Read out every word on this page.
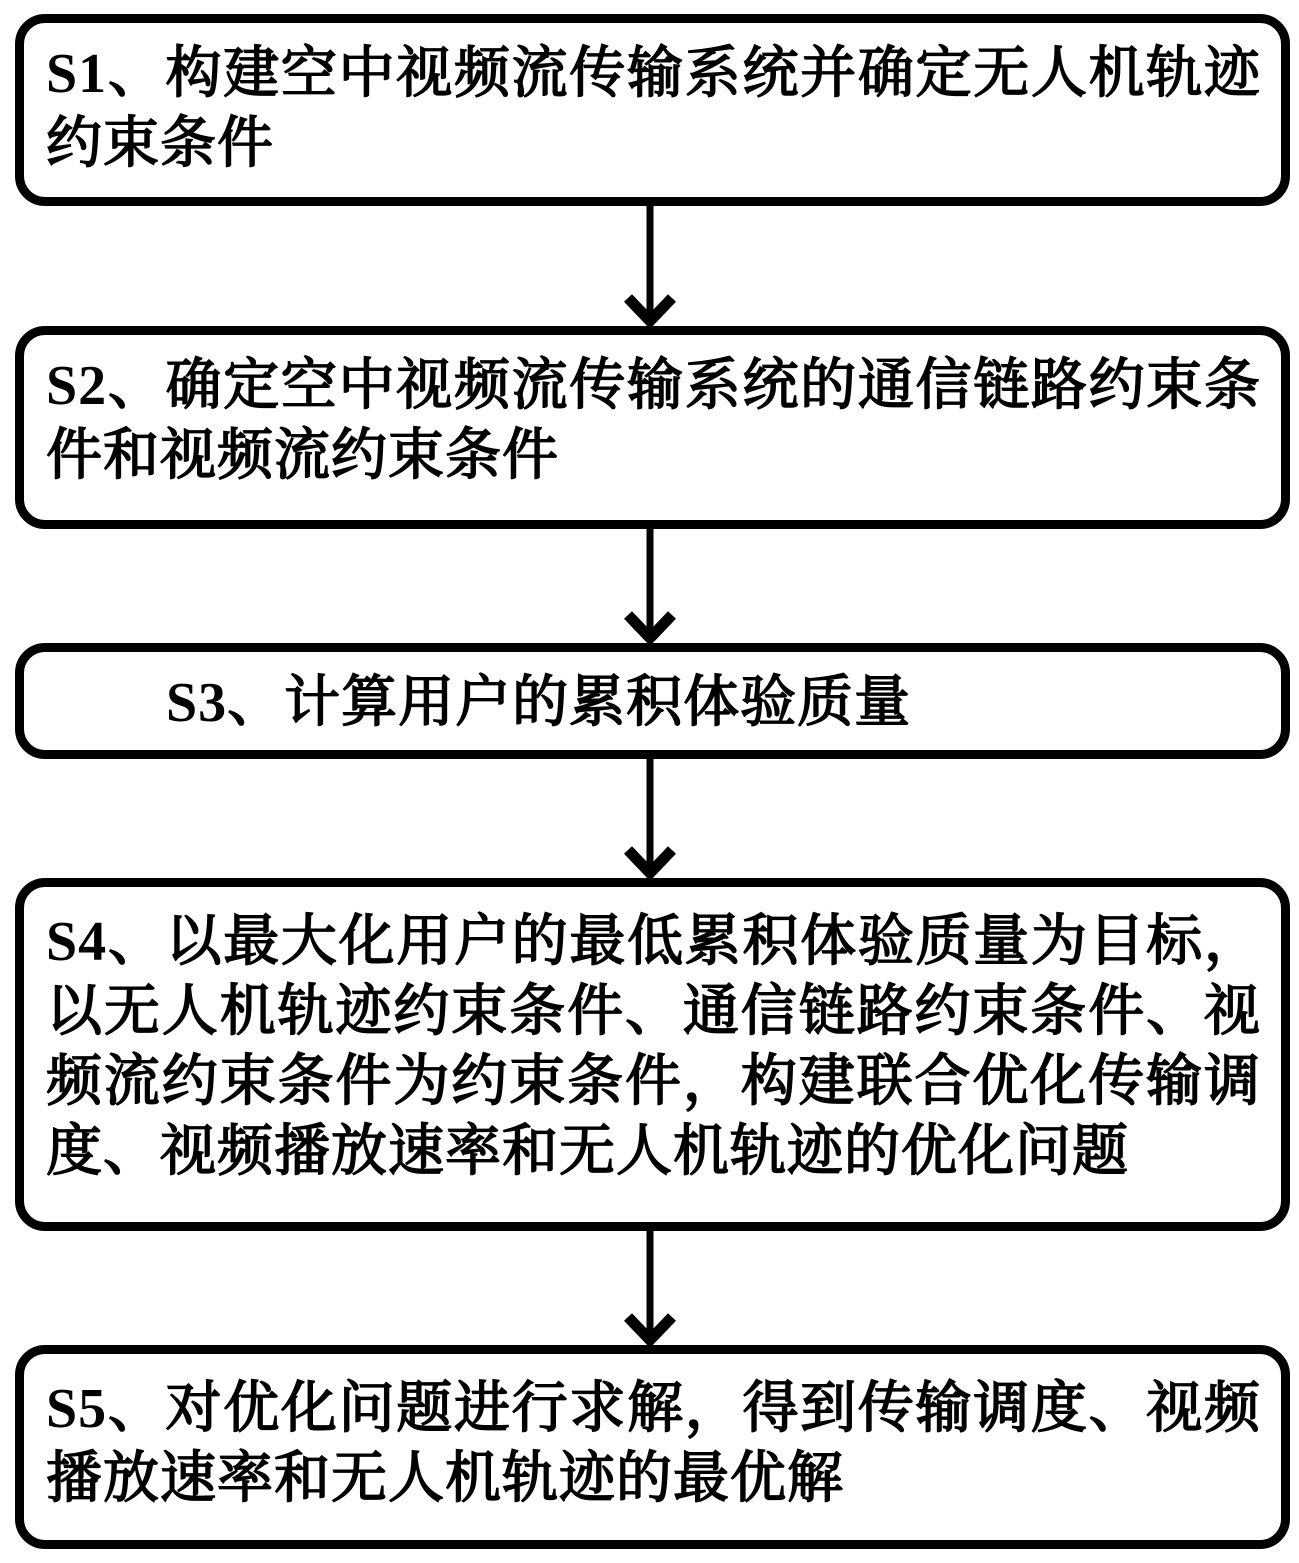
S1、构建空中视频流传输系统并确定无人机轨迹约束条件

S2、确定空中视频流传输系统的通信链路约束条件和视频流约束条件

S3、计算用户的累积体验质量

S4、以最大化用户的最低累积体验质量为目标，以无人机轨迹约束条件、通信链路约束条件、视频流约束条件为约束条件，构建联合优化传输调度、视频播放速率和无人机轨迹的优化问题

S5、对优化问题进行求解，得到传输调度、视频播放速率和无人机轨迹的最优解
